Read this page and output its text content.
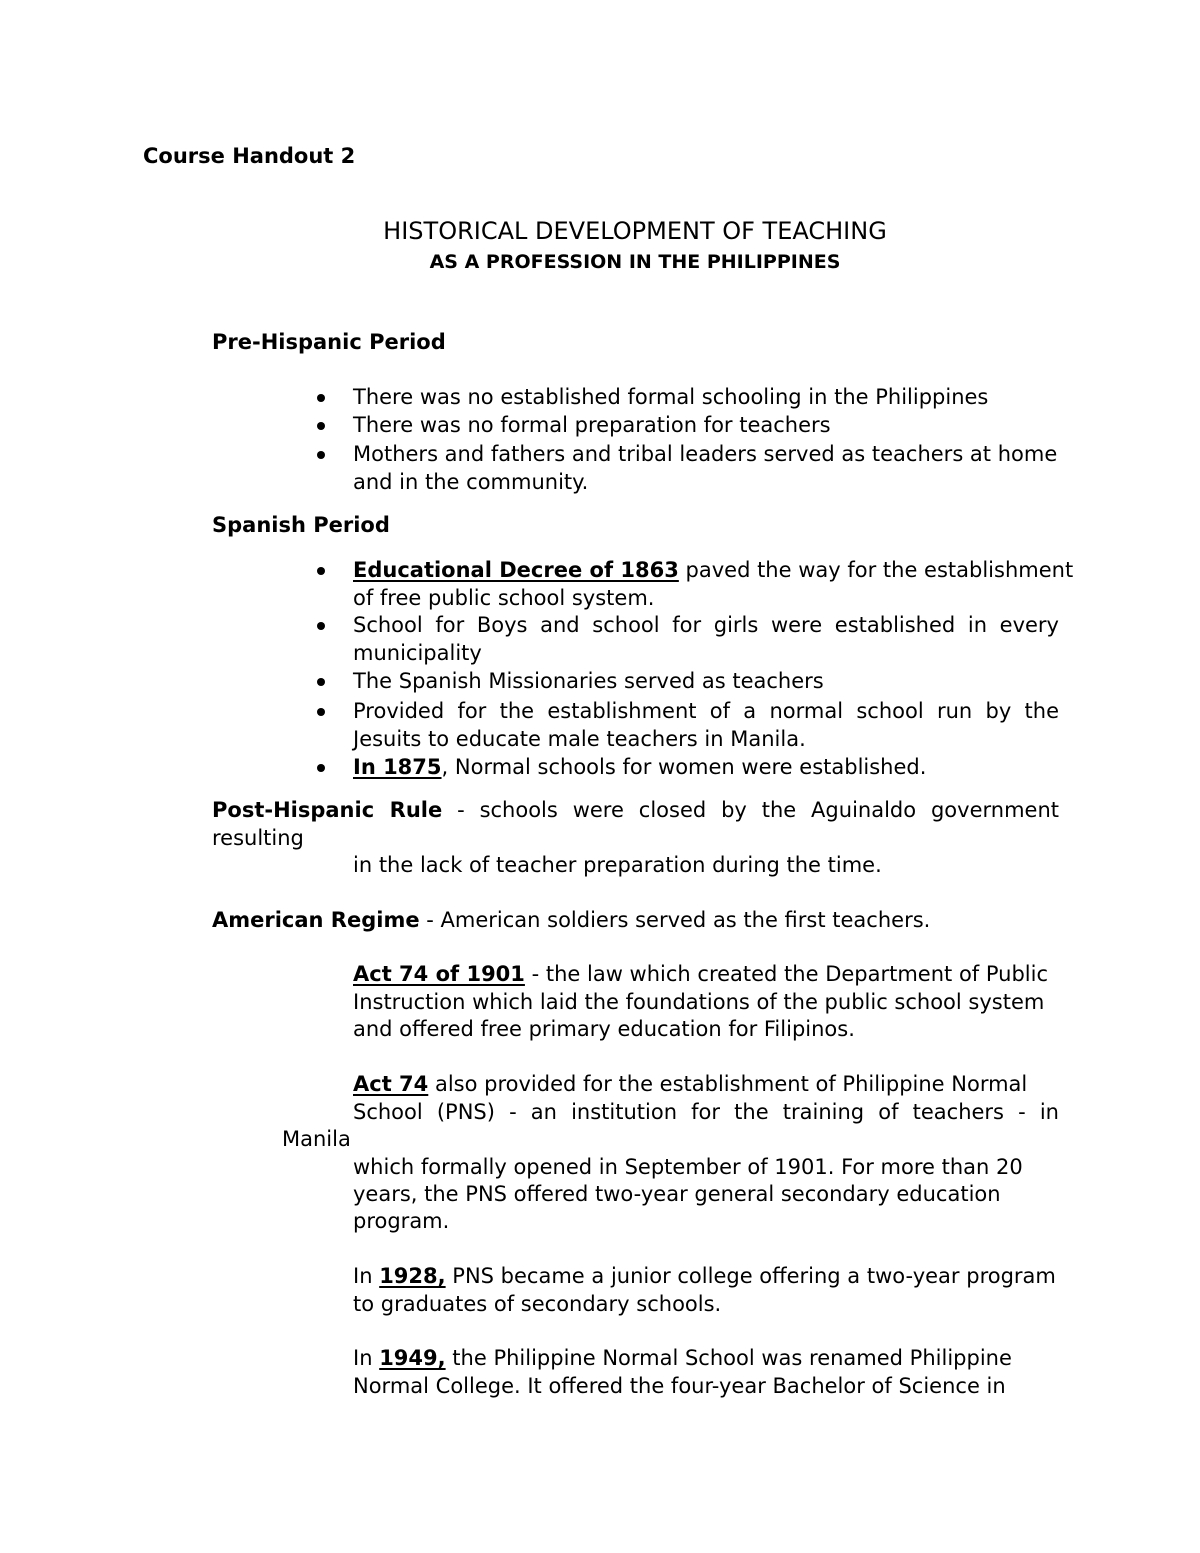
Course Handout 2
HISTORICAL DEVELOPMENT OF TEACHING
AS A PROFESSION IN THE PHILIPPINES
Pre-Hispanic Period
There was no established formal schooling in the Philippines
There was no formal preparation for teachers
Mothers and fathers and tribal leaders served as teachers at home
and in the community.
Spanish Period
Educational Decree of 1863 paved the way for the establishment
of free public school system.
School for Boys and school for girls were established in every
municipality
The Spanish Missionaries served as teachers
Provided for the establishment of a normal school run by the
Jesuits to educate male teachers in Manila.
In 1875, Normal schools for women were established.
Post-Hispanic Rule - schools were closed by the Aguinaldo government
resulting
in the lack of teacher preparation during the time.
American Regime - American soldiers served as the first teachers.
Act 74 of 1901 - the law which created the Department of Public
Instruction which laid the foundations of the public school system
and offered free primary education for Filipinos.
Act 74 also provided for the establishment of Philippine Normal
School (PNS) - an institution for the training of teachers - in
Manila
which formally opened in September of 1901. For more than 20
years, the PNS offered two-year general secondary education
program.
In 1928, PNS became a junior college offering a two-year program
to graduates of secondary schools.
In 1949, the Philippine Normal School was renamed Philippine
Normal College. It offered the four-year Bachelor of Science in
